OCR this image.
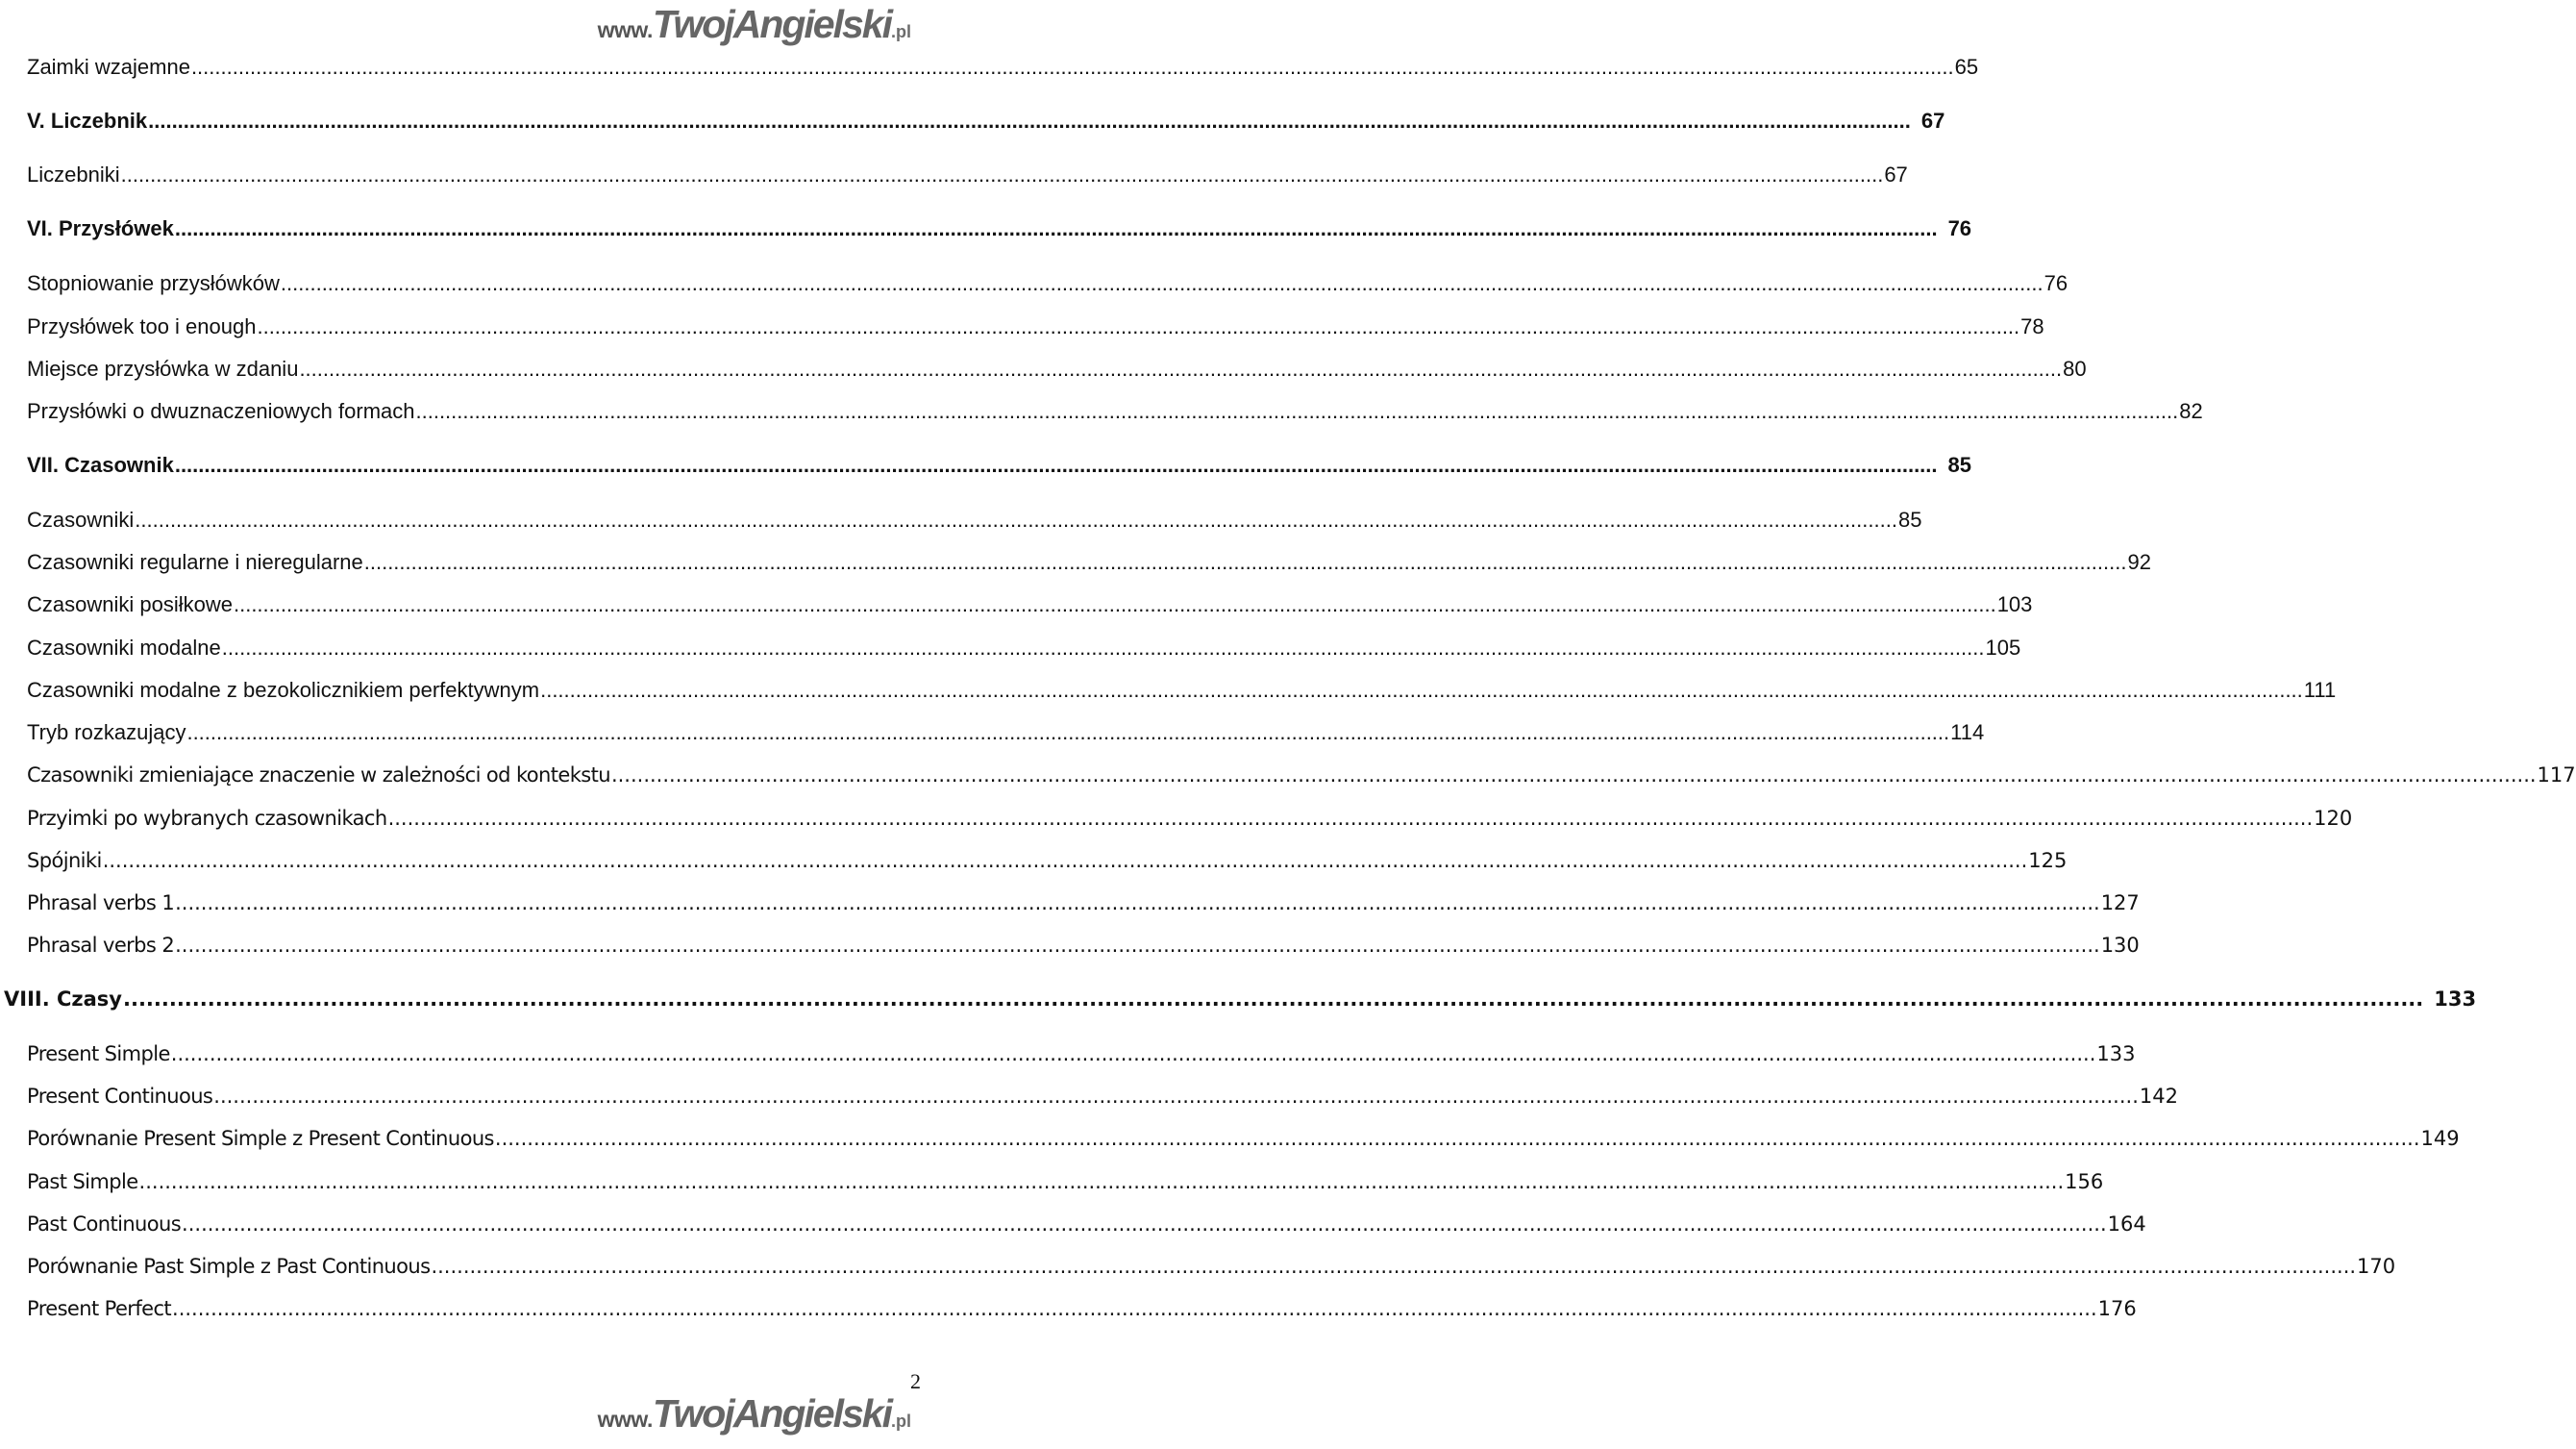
www. TwojAngielski .pl
Zaimki wzajemne ............................................................................................................................................................................................................................................................................................................ 65
V. Liczebnik ............................................................................................................................................................................................................................................................................................................ 67
Liczebniki ............................................................................................................................................................................................................................................................................................................ 67
VI. Przysłówek ............................................................................................................................................................................................................................................................................................................ 76
Stopniowanie przysłówków ............................................................................................................................................................................................................................................................................................................ 76
Przysłówek too i enough ............................................................................................................................................................................................................................................................................................................ 78
Miejsce przysłówka w zdaniu ............................................................................................................................................................................................................................................................................................................ 80
Przysłówki o dwuznaczeniowych formach ............................................................................................................................................................................................................................................................................................................ 82
VII. Czasownik ............................................................................................................................................................................................................................................................................................................ 85
Czasowniki ............................................................................................................................................................................................................................................................................................................ 85
Czasowniki regularne i nieregularne ............................................................................................................................................................................................................................................................................................................ 92
Czasowniki posiłkowe ............................................................................................................................................................................................................................................................................................................ 103
Czasowniki modalne ............................................................................................................................................................................................................................................................................................................ 105
Czasowniki modalne z bezokolicznikiem perfektywnym ............................................................................................................................................................................................................................................................................................................ 111
Tryb rozkazujący ............................................................................................................................................................................................................................................................................................................ 114
Czasowniki zmieniające znaczenie w zależności od kontekstu ............................................................................................................................................................................................................................................................................................................ 117
Przyimki po wybranych czasownikach ............................................................................................................................................................................................................................................................................................................ 120
Spójniki ............................................................................................................................................................................................................................................................................................................ 125
Phrasal verbs 1 ............................................................................................................................................................................................................................................................................................................ 127
Phrasal verbs 2 ............................................................................................................................................................................................................................................................................................................ 130
VIII. Czasy ............................................................................................................................................................................................................................................................................................................ 133
Present Simple ............................................................................................................................................................................................................................................................................................................ 133
Present Continuous ............................................................................................................................................................................................................................................................................................................ 142
Porównanie Present Simple z Present Continuous ............................................................................................................................................................................................................................................................................................................ 149
Past Simple ............................................................................................................................................................................................................................................................................................................ 156
Past Continuous ............................................................................................................................................................................................................................................................................................................ 164
Porównanie Past Simple z Past Continuous ............................................................................................................................................................................................................................................................................................................ 170
Present Perfect ............................................................................................................................................................................................................................................................................................................ 176
2
www. TwojAngielski .pl
